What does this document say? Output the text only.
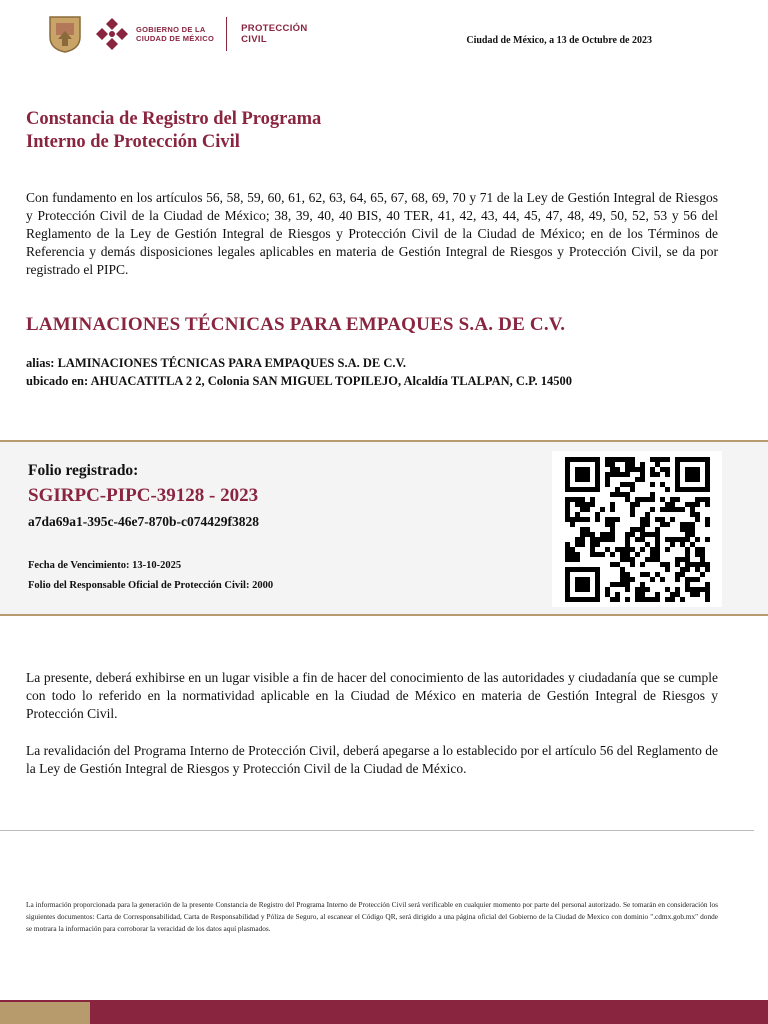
GOBIERNO DE LA
CIUDAD DE MÉXICO
PROTECCIÓN
CIVIL	Ciudad de México, a 13 de Octubre de 2023
Constancia de Registro del Programa
Interno de Protección Civil
Con fundamento en los artículos 56, 58, 59, 60, 61, 62, 63, 64, 65, 67, 68, 69, 70 y 71 de la Ley de Gestión Integral de Riesgos y Protección Civil de la Ciudad de México; 38, 39, 40, 40 BIS, 40 TER, 41, 42, 43, 44, 45, 47, 48, 49, 50, 52, 53 y 56 del Reglamento de la Ley de Gestión Integral de Riesgos y Protección Civil de la Ciudad de México; en de los Términos de Referencia y demás disposiciones legales aplicables en materia de Gestión Integral de Riesgos y Protección Civil, se da por registrado el PIPC.
LAMINACIONES TÉCNICAS PARA EMPAQUES S.A. DE C.V.
alias: LAMINACIONES TÉCNICAS PARA EMPAQUES S.A. DE C.V.
ubicado en: AHUACATITLA 2 2, Colonia SAN MIGUEL TOPILEJO, Alcaldía TLALPAN, C.P. 14500
Folio registrado:
SGIRPC-PIPC-39128 - 2023
a7da69a1-395c-46e7-870b-c074429f3828
Fecha de Vencimiento: 13-10-2025
Folio del Responsable Oficial de Protección Civil: 2000
La presente, deberá exhibirse en un lugar visible a fin de hacer del conocimiento de las autoridades y ciudadanía que se cumple con todo lo referido en la normatividad aplicable en la Ciudad de México en materia de Gestión Integral de Riesgos y Protección Civil.
La revalidación del Programa Interno de Protección Civil, deberá apegarse a lo establecido por el artículo 56 del Reglamento de la Ley de Gestión Integral de Riesgos y Protección Civil de la Ciudad de México.
La información proporcionada para la generación de la presente Constancia de Registro del Programa Interno de Protección Civil será verificable en cualquier momento por parte del personal autorizado. Se tomarán en consideración los siguientes documentos: Carta de Corresponsabilidad, Carta de Responsabilidad y Póliza de Seguro, al escanear el Código QR, será dirigido a una página oficial del Gobierno de la Ciudad de Mexico con dominio ".cdmx.gob.mx" donde se motrara la información para corroborar la veracidad de los datos aquí plasmados.
